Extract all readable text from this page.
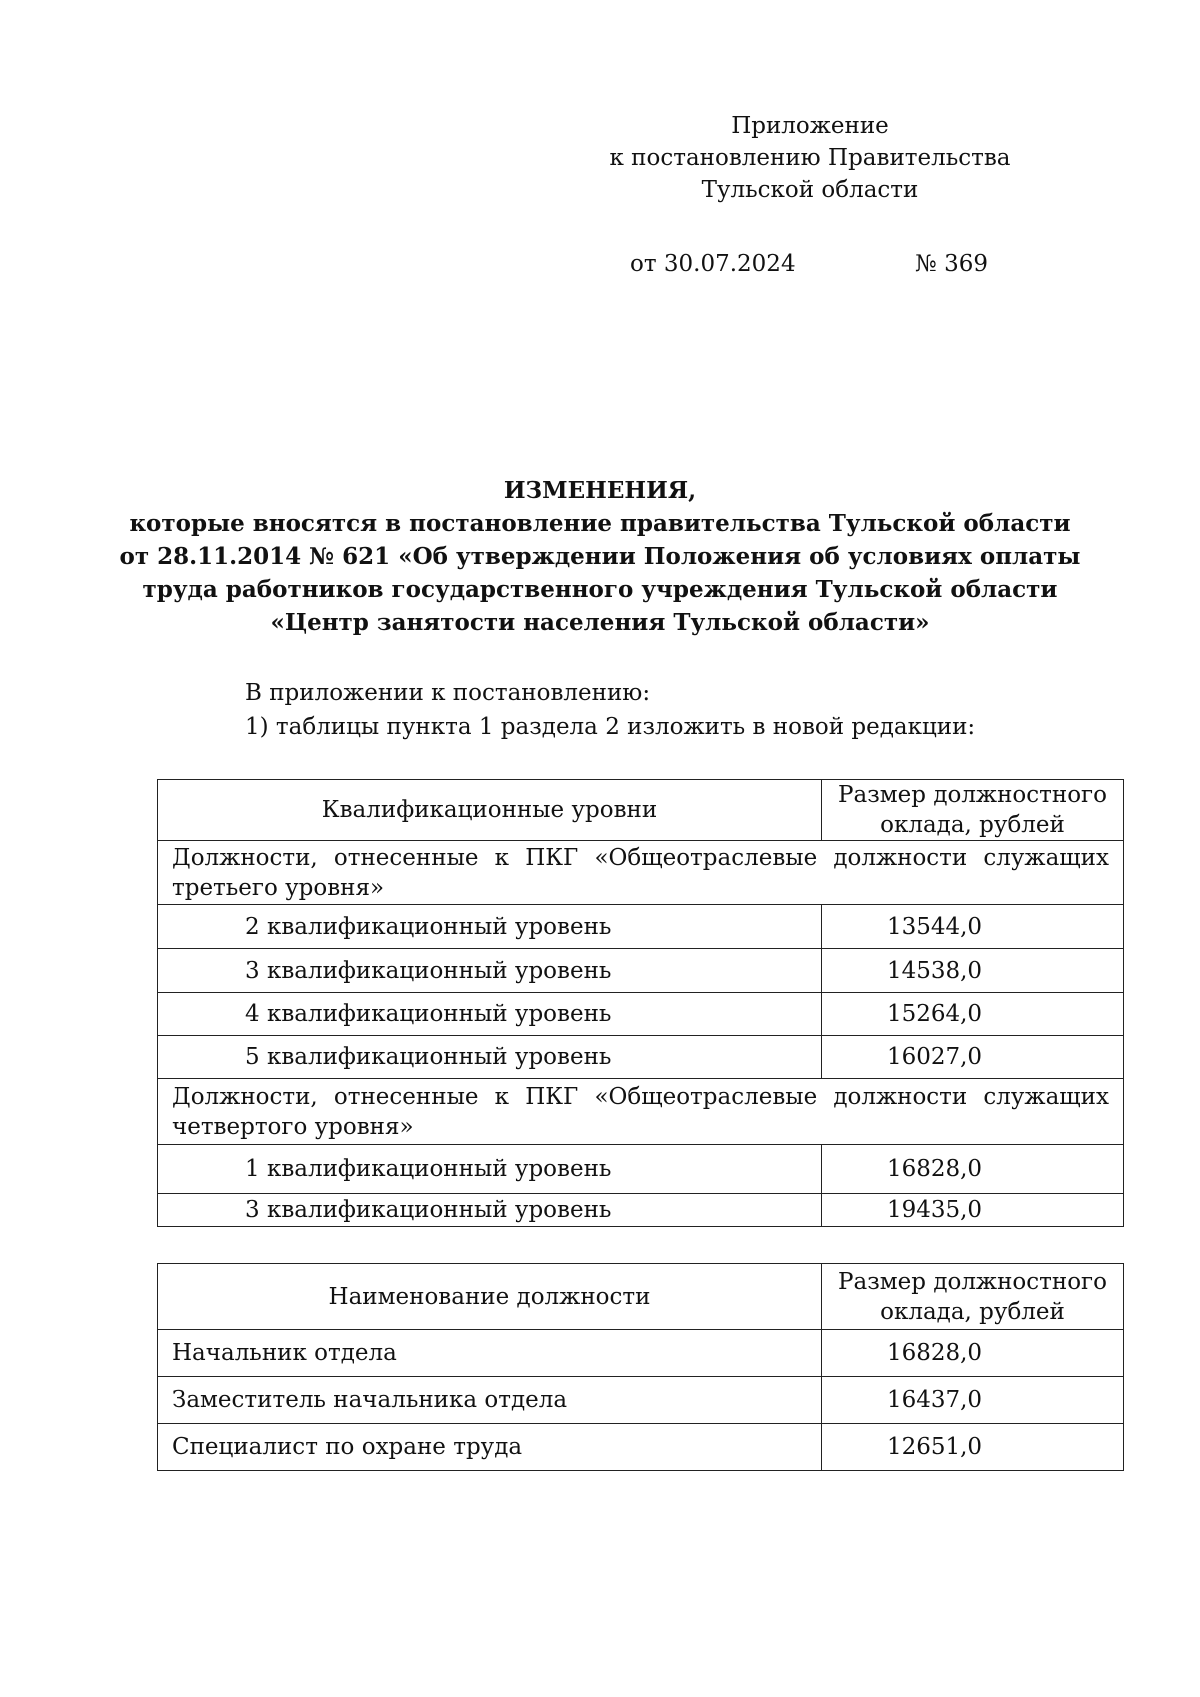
Приложение
к постановлению Правительства
Тульской области
от 30.07.2024	№ 369
ИЗМЕНЕНИЯ,
которые вносятся в постановление правительства Тульской области
от 28.11.2014 № 621 «Об утверждении Положения об условиях оплаты
труда работников государственного учреждения Тульской области
«Центр занятости населения Тульской области»
В приложении к постановлению:
1) таблицы пункта 1 раздела 2 изложить в новой редакции:
Квалификационные уровни	Размер должностного
оклада, рублей

Должности, отнесенные к ПКГ «Общеотраслевые должности служащих
третьего уровня»	

2 квалификационный уровень	13544,0
3 квалификационный уровень	14538,0
4 квалификационный уровень	15264,0
5 квалификационный уровень	16027,0

Должности, отнесенные к ПКГ «Общеотраслевые должности служащих
четвертого уровня»	

1 квалификационный уровень	16828,0
3 квалификационный уровень	19435,0
Наименование должности	Размер должностного
оклада, рублей

Начальник отдела	16828,0
Заместитель начальника отдела	16437,0
Специалист по охране труда	12651,0
